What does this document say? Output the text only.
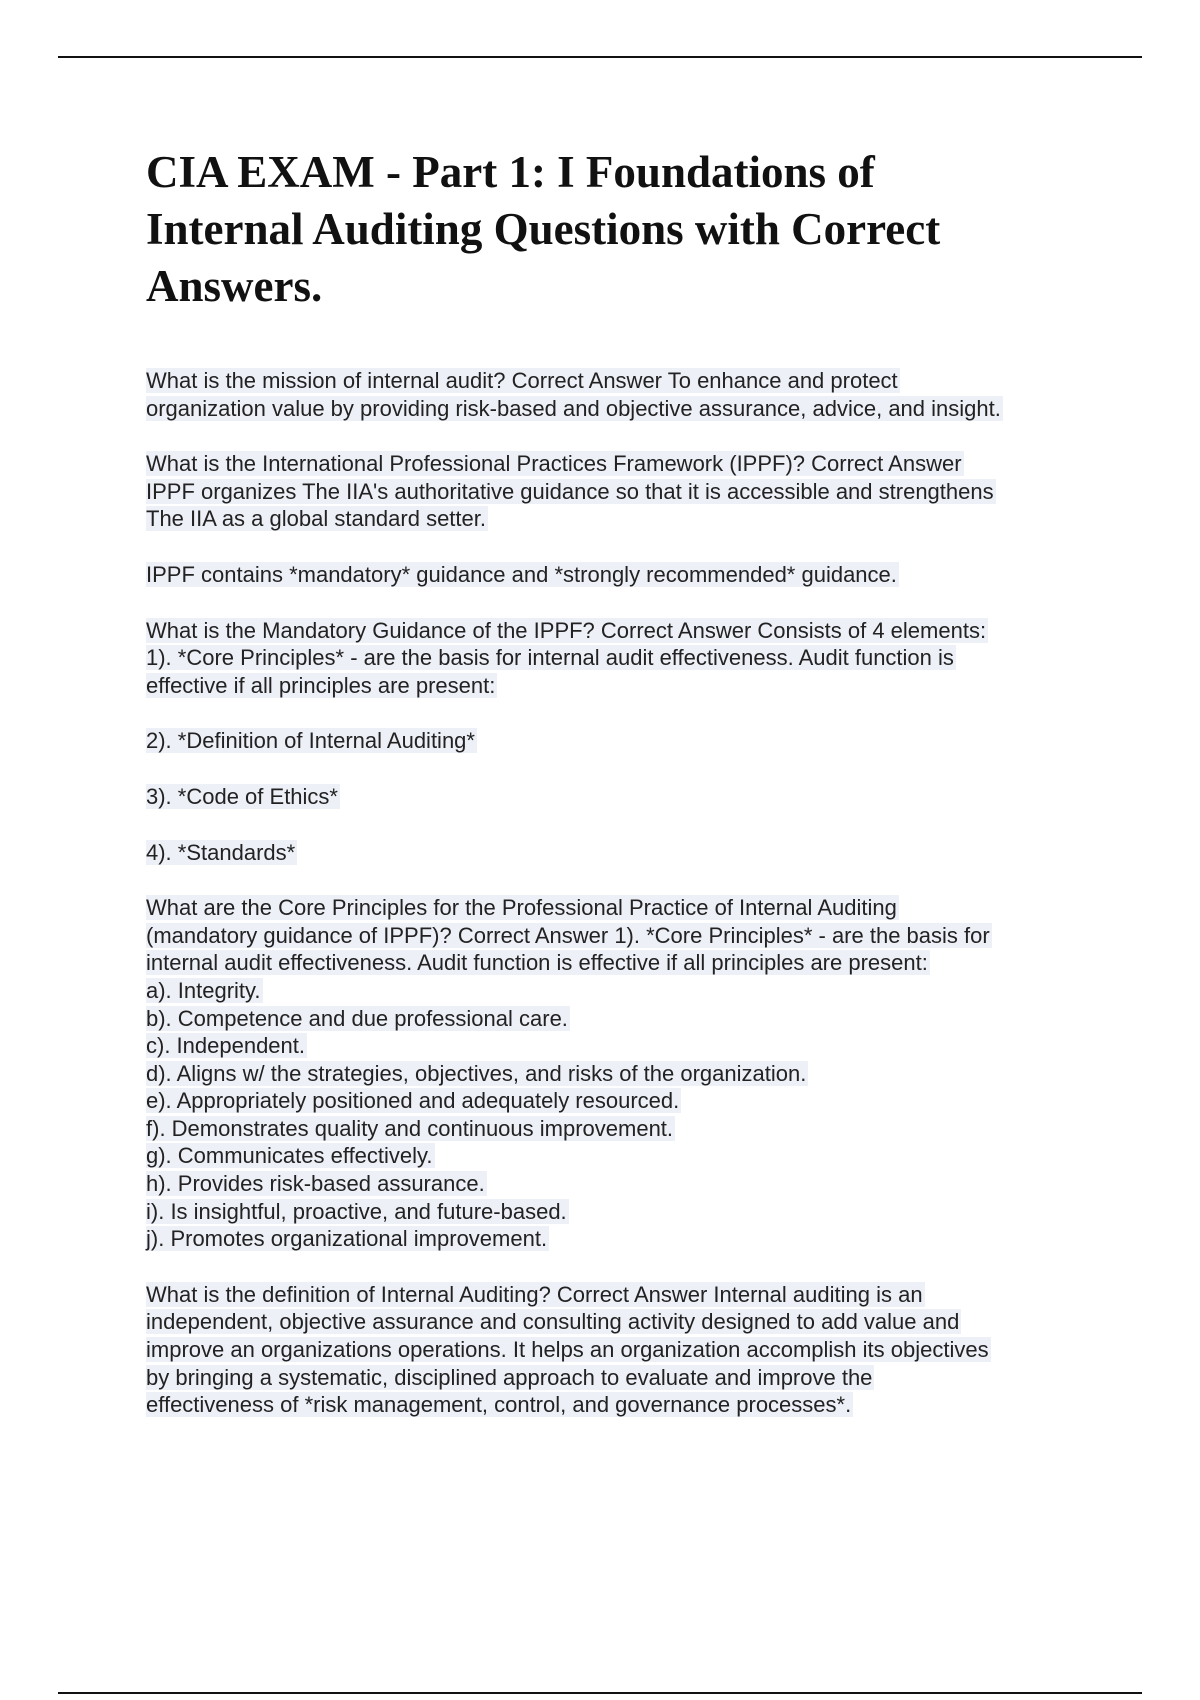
CIA EXAM - Part 1: I Foundations of
Internal Auditing Questions with Correct
Answers.
What is the mission of internal audit? Correct Answer To enhance and protect
organization value by providing risk-based and objective assurance, advice, and insight.
What is the International Professional Practices Framework (IPPF)? Correct Answer
IPPF organizes The IIA's authoritative guidance so that it is accessible and strengthens
The IIA as a global standard setter.
IPPF contains *mandatory* guidance and *strongly recommended* guidance.
What is the Mandatory Guidance of the IPPF? Correct Answer Consists of 4 elements:
1). *Core Principles* - are the basis for internal audit effectiveness. Audit function is
effective if all principles are present:
2). *Definition of Internal Auditing*
3). *Code of Ethics*
4). *Standards*
What are the Core Principles for the Professional Practice of Internal Auditing
(mandatory guidance of IPPF)? Correct Answer 1). *Core Principles* - are the basis for
internal audit effectiveness. Audit function is effective if all principles are present:
a). Integrity.
b). Competence and due professional care.
c). Independent.
d). Aligns w/ the strategies, objectives, and risks of the organization.
e). Appropriately positioned and adequately resourced.
f). Demonstrates quality and continuous improvement.
g). Communicates effectively.
h). Provides risk-based assurance.
i). Is insightful, proactive, and future-based.
j). Promotes organizational improvement.
What is the definition of Internal Auditing? Correct Answer Internal auditing is an
independent, objective assurance and consulting activity designed to add value and
improve an organizations operations. It helps an organization accomplish its objectives
by bringing a systematic, disciplined approach to evaluate and improve the
effectiveness of *risk management, control, and governance processes*.
